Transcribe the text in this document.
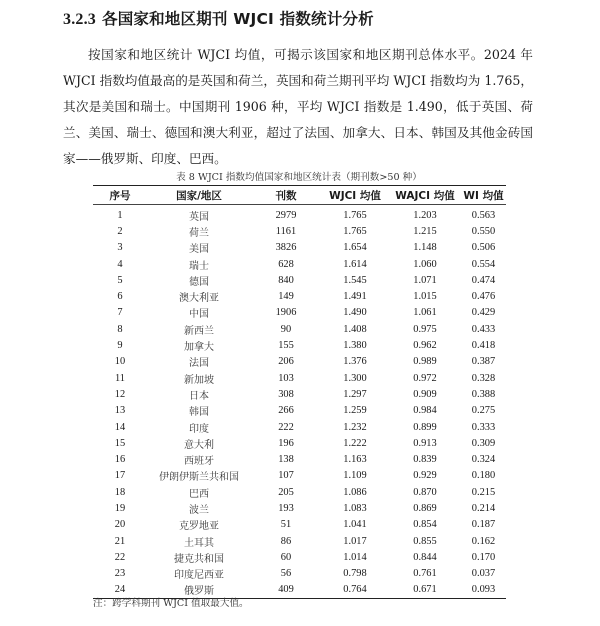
3.2.3 各国家和地区期刊 WJCI 指数统计分析
按国家和地区统计 WJCI 均值，可揭示该国家和地区期刊总体水平。2024 年 WJCI 指数均值最高的是英国和荷兰，英国和荷兰期刊平均 WJCI 指数均为 1.765，其次是美国和瑞士。中国期刊 1906 种，平均 WJCI 指数是 1.490，低于英国、荷兰、美国、瑞士、德国和澳大利亚，超过了法国、加拿大、日本、韩国及其他金砖国家——俄罗斯、印度、巴西。
表 8 WJCI 指数均值国家和地区统计表（期刊数>50 种）
序号	国家/地区	刊数	WJCI 均值	WAJCI 均值	WI 均值
1	英国	2979	1.765	1.203	0.563
2	荷兰	1161	1.765	1.215	0.550
3	美国	3826	1.654	1.148	0.506
4	瑞士	628	1.614	1.060	0.554
5	德国	840	1.545	1.071	0.474
6	澳大利亚	149	1.491	1.015	0.476
7	中国	1906	1.490	1.061	0.429
8	新西兰	90	1.408	0.975	0.433
9	加拿大	155	1.380	0.962	0.418
10	法国	206	1.376	0.989	0.387
11	新加坡	103	1.300	0.972	0.328
12	日本	308	1.297	0.909	0.388
13	韩国	266	1.259	0.984	0.275
14	印度	222	1.232	0.899	0.333
15	意大利	196	1.222	0.913	0.309
16	西班牙	138	1.163	0.839	0.324
17	伊朗伊斯兰共和国	107	1.109	0.929	0.180
18	巴西	205	1.086	0.870	0.215
19	波兰	193	1.083	0.869	0.214
20	克罗地亚	51	1.041	0.854	0.187
21	土耳其	86	1.017	0.855	0.162
22	捷克共和国	60	1.014	0.844	0.170
23	印度尼西亚	56	0.798	0.761	0.037
24	俄罗斯	409	0.764	0.671	0.093
注：跨学科期刊 WJCI 值取最大值。
